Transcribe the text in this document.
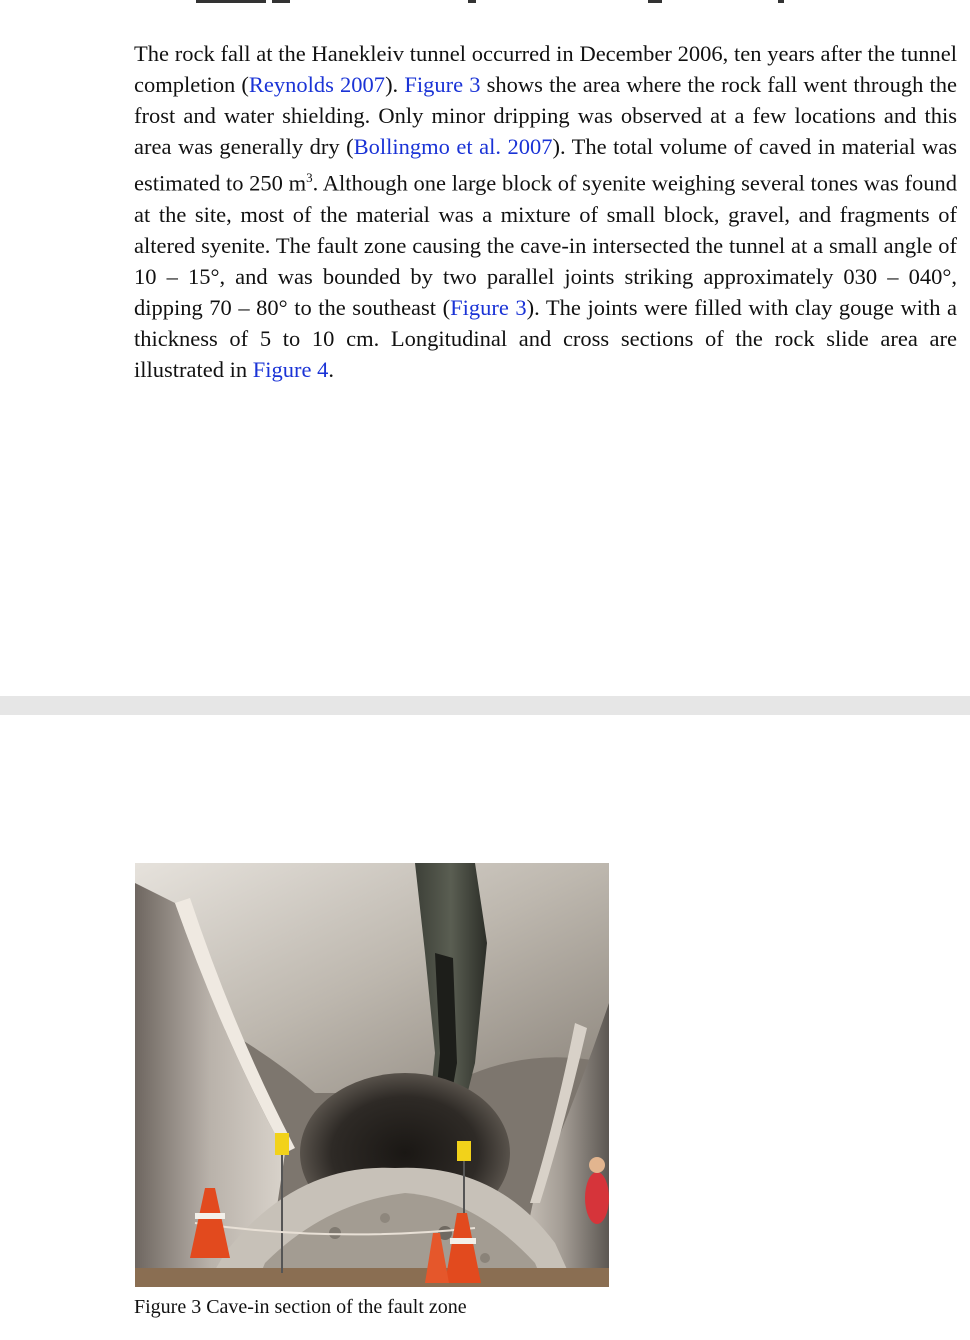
The rock fall at the Hanekleiv tunnel occurred in December 2006, ten years after the tunnel completion (Reynolds 2007). Figure 3 shows the area where the rock fall went through the frost and water shielding. Only minor dripping was observed at a few locations and this area was generally dry (Bollingmo et al. 2007). The total volume of caved in material was estimated to 250 $m^3$. Although one large block of syenite weighing several tones was found at the site, most of the material was a mixture of small block, gravel, and fragments of altered syenite. The fault zone causing the cave-in intersected the tunnel at a small angle of 10 – 15°, and was bounded by two parallel joints striking approximately 030 – 040°, dipping 70 – 80° to the southeast (Figure 3). The joints were filled with clay gouge with a thickness of 5 to 10 cm. Longitudinal and cross sections of the rock slide area are illustrated in Figure 4.

Figure 3 Cave-in section of the fault zone
